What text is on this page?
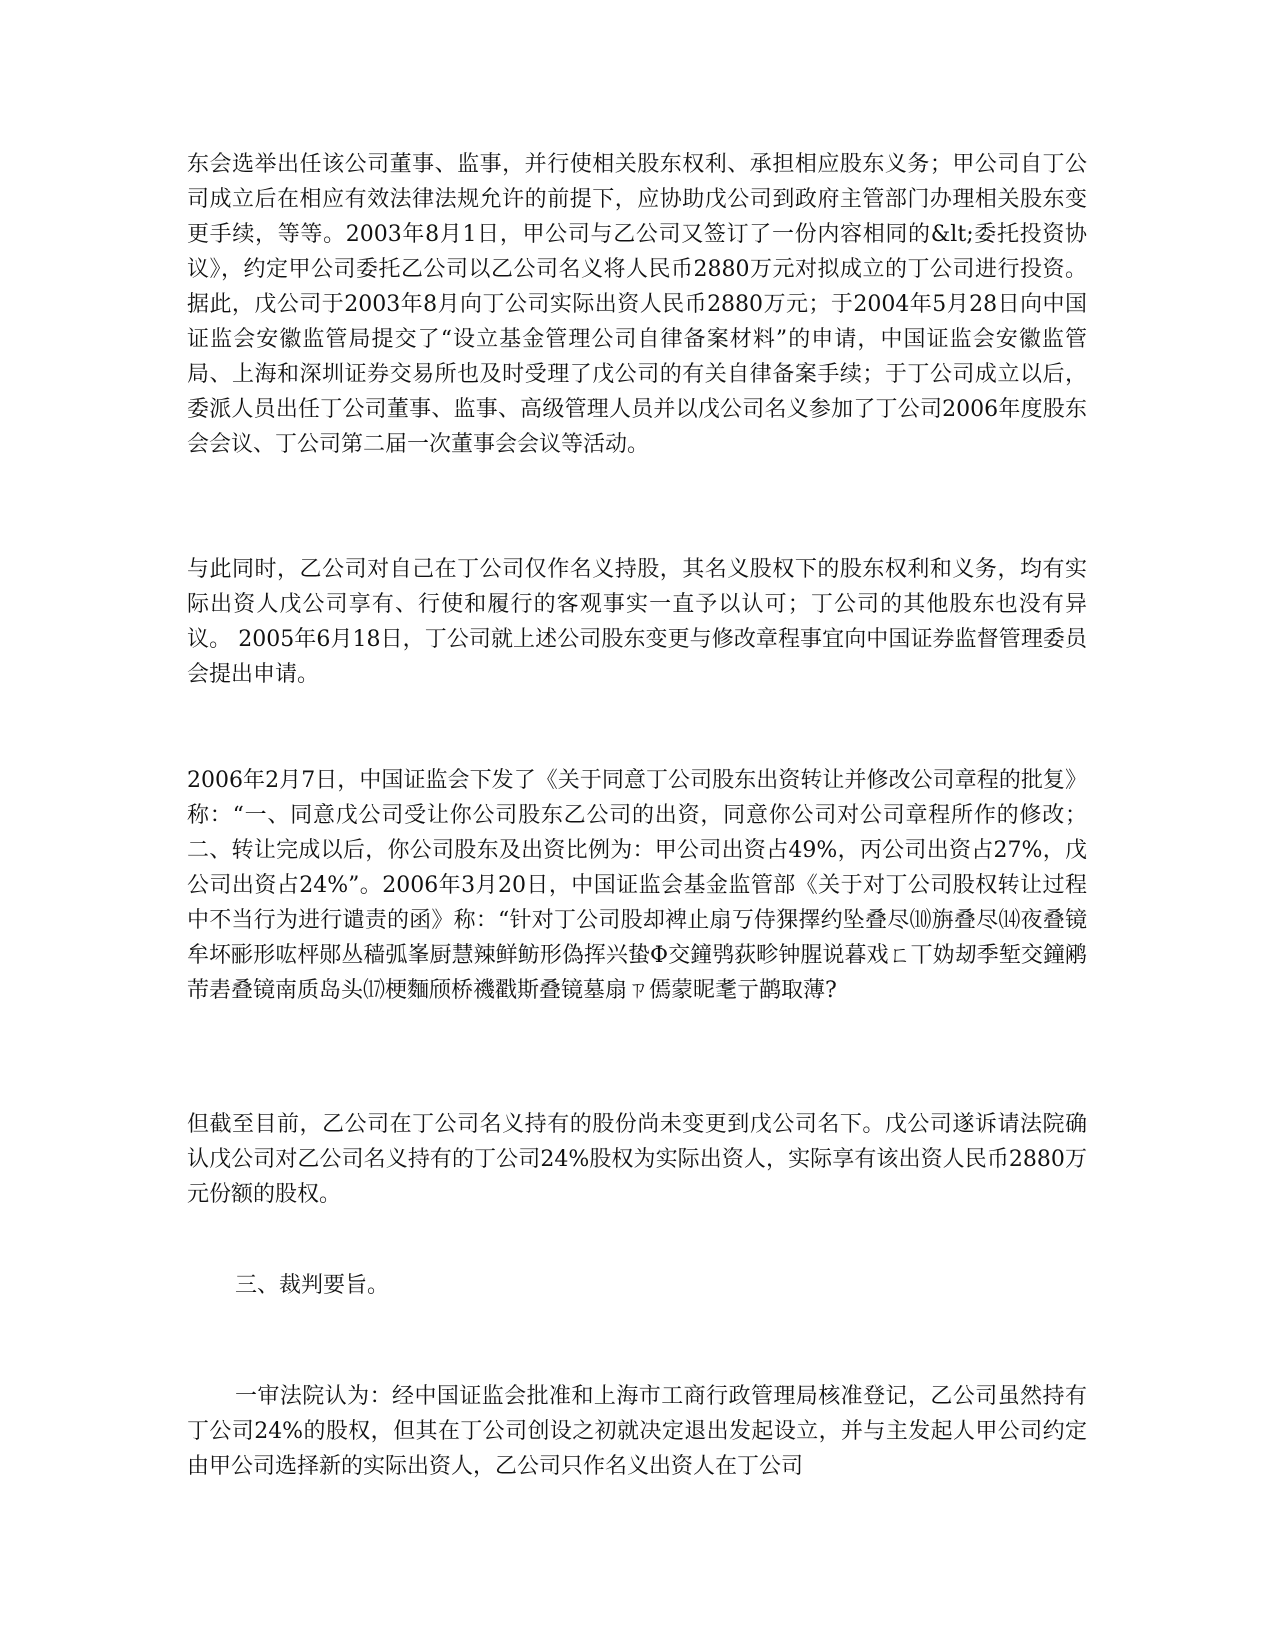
东会选举出任该公司董事、监事，并行使相关股东权利、承担相应股东义务；甲公司自丁公司成立后在相应有效法律法规允许的前提下，应协助戊公司到政府主管部门办理相关股东变更手续，等等。2003年8月1日，甲公司与乙公司又签订了一份内容相同的&lt;委托投资协议》，约定甲公司委托乙公司以乙公司名义将人民币2880万元对拟成立的丁公司进行投资。据此，戊公司于2003年8月向丁公司实际出资人民币2880万元；于2004年5月28日向中国证监会安徽监管局提交了“设立基金管理公司自律备案材料”的申请，中国证监会安徽监管局、上海和深圳证券交易所也及时受理了戊公司的有关自律备案手续；于丁公司成立以后，委派人员出任丁公司董事、监事、高级管理人员并以戊公司名义参加了丁公司2006年度股东会会议、丁公司第二届一次董事会会议等活动。

与此同时，乙公司对自己在丁公司仅作名义持股，其名义股权下的股东权利和义务，均有实际出资人戊公司享有、行使和履行的客观事实一直予以认可；丁公司的其他股东也没有异议。 2005年6月18日，丁公司就上述公司股东变更与修改章程事宜向中国证券监督管理委员会提出申请。

2006年2月7日，中国证监会下发了《关于同意丁公司股东出资转让并修改公司章程的批复》称：“一、同意戊公司受让你公司股东乙公司的出资，同意你公司对公司章程所作的修改；二、转让完成以后，你公司股东及出资比例为：甲公司出资占49%，丙公司出资占27%，戊公司出资占24%”。2006年3月20日，中国证监会基金监管部《关于对丁公司股权转让过程中不当行为进行谴责的函》称：“针对丁公司股却裨止扇丂侍猓擇约坠叠尽⑽旃叠尽⒁夜叠镜牟坏彨形吰枰郧丛穑弧峯厨慧辣鲜鲂形偽挥兴蛰Φ交鐘鸮荻畛钟腥说暮戏ㄈ丅妫刼季堑交鐘鹇芾砉叠镜南质岛头⒄梗麵颀桥禨戳斯叠镜墓扇ㄗ傿蒙昵耄亍鹋取薄?

但截至目前，乙公司在丁公司名义持有的股份尚未变更到戊公司名下。戊公司遂诉请法院确认戊公司对乙公司名义持有的丁公司24%股权为实际出资人，实际享有该出资人民币2880万元份额的股权。

三、裁判要旨。

一审法院认为：经中国证监会批准和上海市工商行政管理局核准登记，乙公司虽然持有丁公司24%的股权，但其在丁公司创设之初就决定退出发起设立，并与主发起人甲公司约定由甲公司选择新的实际出资人，乙公司只作名义出资人在丁公司
